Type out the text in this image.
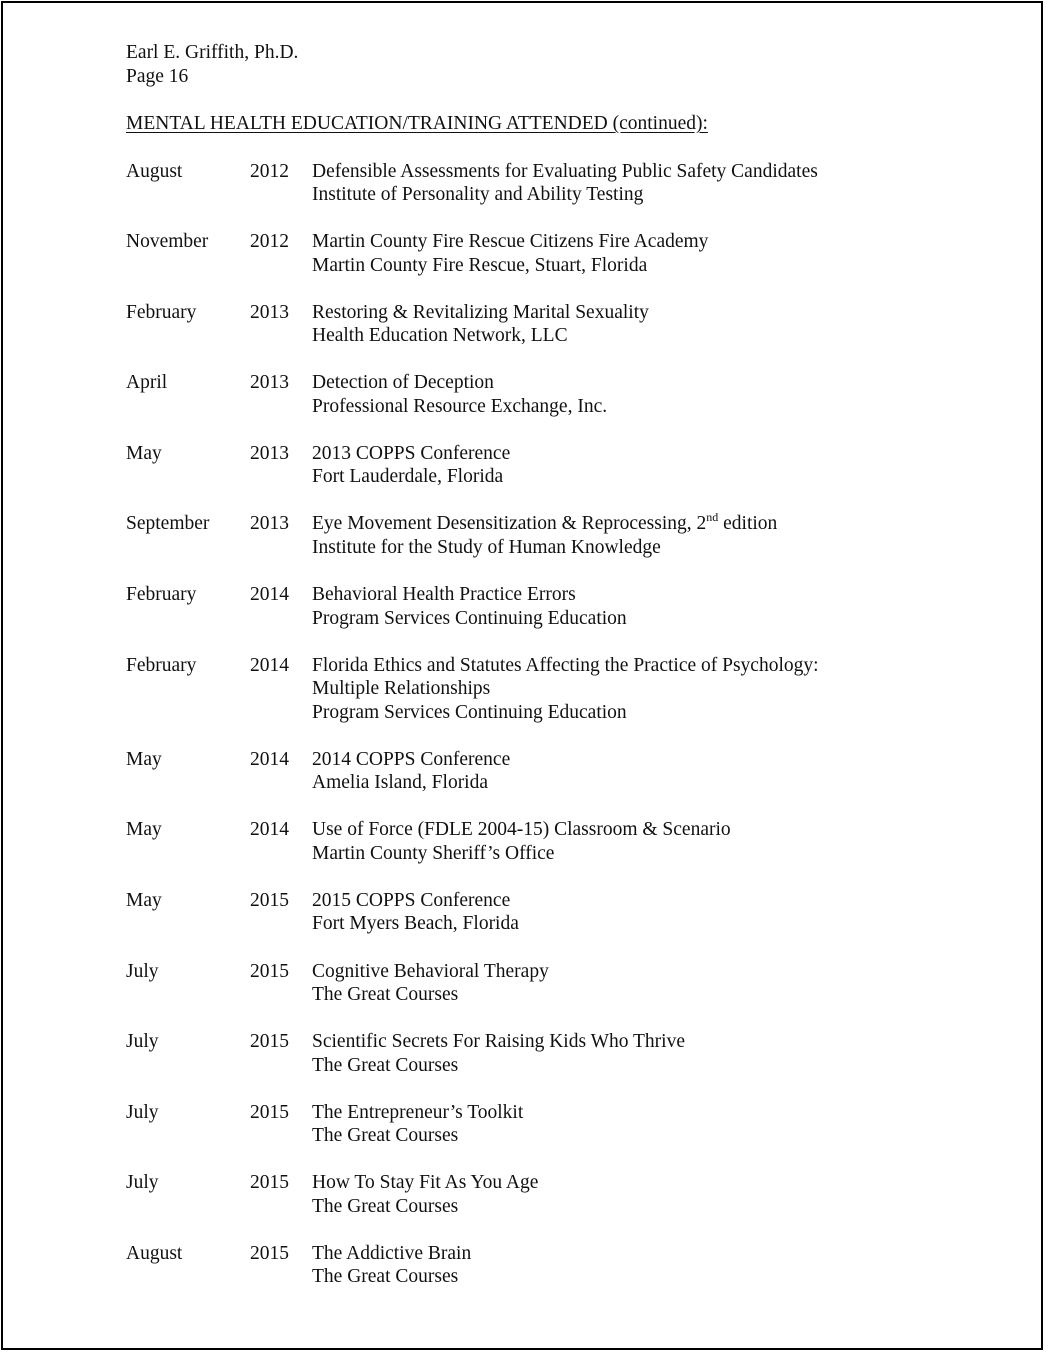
Earl E. Griffith, Ph.D.
Page 16
MENTAL HEALTH EDUCATION/TRAINING ATTENDED (continued):
August	2012	Defensible Assessments for Evaluating Public Safety Candidates
Institute of Personality and Ability Testing
November	2012	Martin County Fire Rescue Citizens Fire Academy
Martin County Fire Rescue, Stuart, Florida
February	2013	Restoring & Revitalizing Marital Sexuality
Health Education Network, LLC
April	2013	Detection of Deception
Professional Resource Exchange, Inc.
May	2013	2013 COPPS Conference
Fort Lauderdale, Florida
September	2013	Eye Movement Desensitization & Reprocessing, 2nd edition
Institute for the Study of Human Knowledge
February	2014	Behavioral Health Practice Errors
Program Services Continuing Education
February	2014	Florida Ethics and Statutes Affecting the Practice of Psychology:
Multiple Relationships
Program Services Continuing Education
May	2014	2014 COPPS Conference
Amelia Island, Florida
May	2014	Use of Force (FDLE 2004-15) Classroom & Scenario
Martin County Sheriff’s Office
May	2015	2015 COPPS Conference
Fort Myers Beach, Florida
July	2015	Cognitive Behavioral Therapy
The Great Courses
July	2015	Scientific Secrets For Raising Kids Who Thrive
The Great Courses
July	2015	The Entrepreneur’s Toolkit
The Great Courses
July	2015	How To Stay Fit As You Age
The Great Courses
August	2015	The Addictive Brain
The Great Courses
